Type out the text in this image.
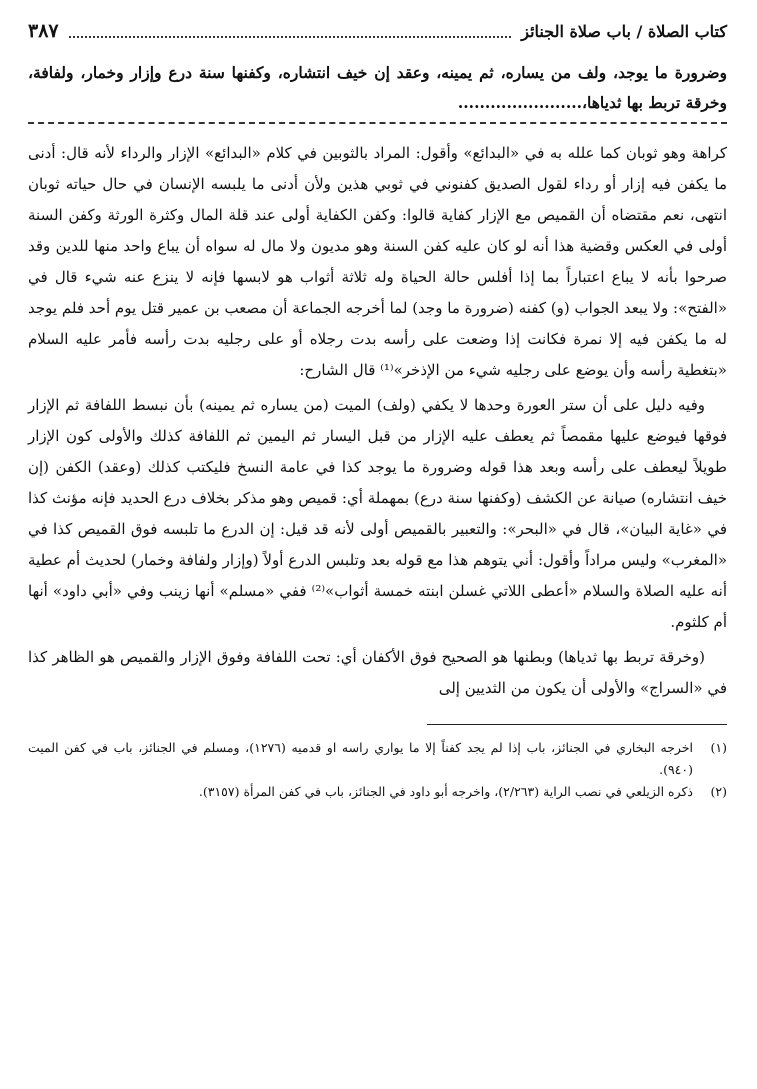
كتاب الصلاة / باب صلاة الجنائز
٣٨٧
وضرورة ما يوجد، ولف من يساره، ثم يمينه، وعقد إن خيف انتشاره، وكفنها سنة درع وإزار وخمار، ولفافة، وخرقة تربط بها ثدياها،.......................

كراهة وهو ثوبان كما علله به في «البدائع» وأقول: المراد بالثوبين في كلام «البدائع» الإزار والرداء لأنه قال: أدنى ما يكفن فيه إزار أو رداء لقول الصديق كفنوني في ثوبي هذين ولأن أدنى ما يلبسه الإنسان في حال حياته ثوبان انتهى، نعم مقتضاه أن القميص مع الإزار كفاية قالوا: وكفن الكفاية أولى عند قلة المال وكثرة الورثة وكفن السنة أولى في العكس وقضية هذا أنه لو كان عليه كفن السنة وهو مديون ولا مال له سواه أن يباع واحد منها للدين وقد صرحوا بأنه لا يباع اعتباراً بما إذا أفلس حالة الحياة وله ثلاثة أثواب هو لابسها فإنه لا ينزع عنه شيء قال في «الفتح»: ولا يبعد الجواب (و) كفنه (ضرورة ما وجد) لما أخرجه الجماعة أن مصعب بن عمير قتل يوم أحد فلم يوجد له ما يكفن فيه إلا نمرة فكانت إذا وضعت على رأسه بدت رجلاه أو على رجليه بدت رأسه فأمر عليه السلام «بتغطية رأسه وأن يوضع على رجليه شيء من الإذخر»⁽¹⁾ قال الشارح:

وفيه دليل على أن ستر العورة وحدها لا يكفي (ولف) الميت (من يساره ثم يمينه) بأن نبسط اللفافة ثم الإزار فوقها فيوضع عليها مقمصاً ثم يعطف عليه الإزار من قبل اليسار ثم اليمين ثم اللفافة كذلك والأولى كون الإزار طويلاً ليعطف على رأسه وبعد هذا قوله وضرورة ما يوجد كذا في عامة النسخ فليكتب كذلك (وعقد) الكفن (إن خيف انتشاره) صيانة عن الكشف (وكفنها سنة درع) بمهملة أي: قميص وهو مذكر بخلاف درع الحديد فإنه مؤنث كذا في «غاية البيان»، قال في «البحر»: والتعبير بالقميص أولى لأنه قد قيل: إن الدرع ما تلبسه فوق القميص كذا في «المغرب» وليس مراداً وأقول: أني يتوهم هذا مع قوله بعد وتلبس الدرع أولاً (وإزار ولفافة وخمار) لحديث أم عطية أنه عليه الصلاة والسلام «أعطى اللاتي غسلن ابنته خمسة أثواب»⁽²⁾ ففي «مسلم» أنها زينب وفي «أبي داود» أنها أم كلثوم.

(وخرقة تربط بها ثدياها) وبطنها هو الصحيح فوق الأكفان أي: تحت اللفافة وفوق الإزار والقميص هو الظاهر كذا في «السراج» والأولى أن يكون من الثديين إلى

(١)
اخرجه البخاري في الجنائز، باب إذا لم يجد كفناً إلا ما يواري راسه او قدميه (١٢٧٦)، ومسلم في الجنائز، باب في كفن الميت (٩٤٠).
(٢)
ذكره الزيلعي في نصب الراية (٢/٢٦٣)، واخرجه أبو داود في الجنائز، باب في كفن المرأة (٣١٥٧).
